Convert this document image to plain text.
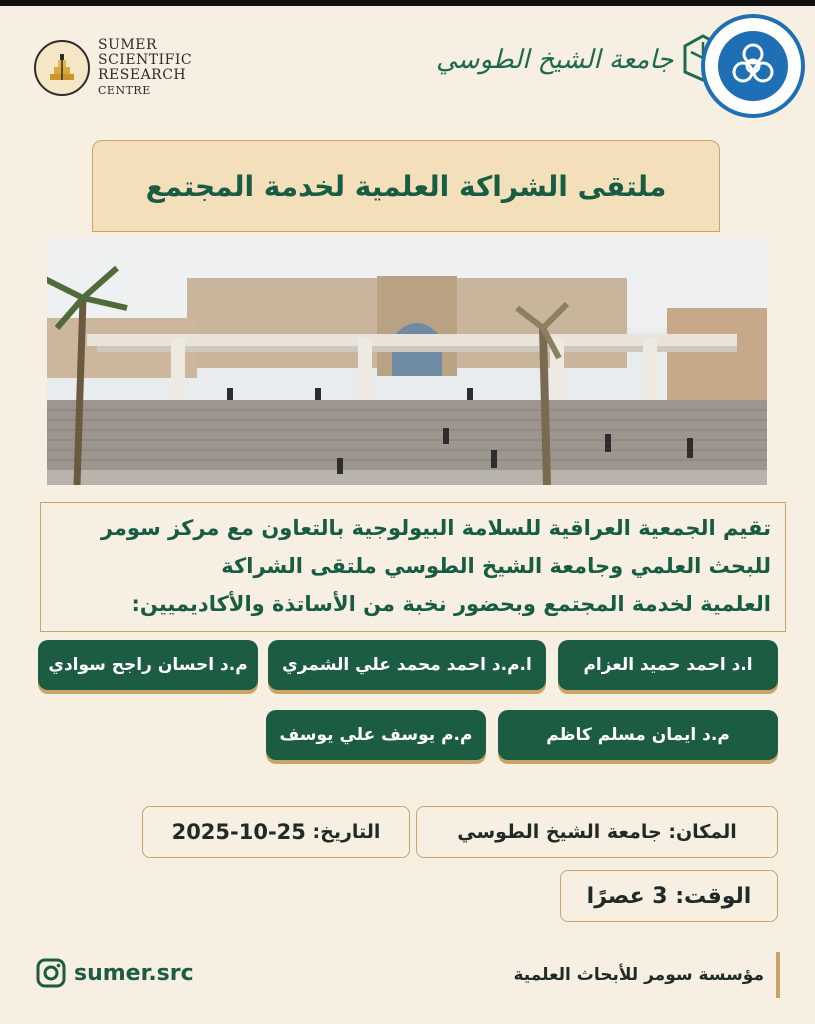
SUMER
SCIENTIFIC
RESEARCH
CENTRE
جامعة الشيخ الطوسي
ملتقى الشراكة العلمية لخدمة المجتمع
تقيم الجمعية العراقية للسلامة البيولوجية بالتعاون مع مركز سومر
للبحث العلمي وجامعة الشيخ الطوسي ملتقى الشراكة
العلمية لخدمة المجتمع وبحضور نخبة من الأساتذة والأكاديميين:
ا.د احمد حميد العزام
ا.م.د احمد محمد علي الشمري
م.د احسان راجح سوادي
م.د ايمان مسلم كاظم
م.م يوسف علي يوسف
المكان:

جامعة الشيخ الطوسي
التاريخ:

2025-10-25
الوقت:

3 عصرًا
sumer.src	مؤسسة سومر للأبحاث العلمية
